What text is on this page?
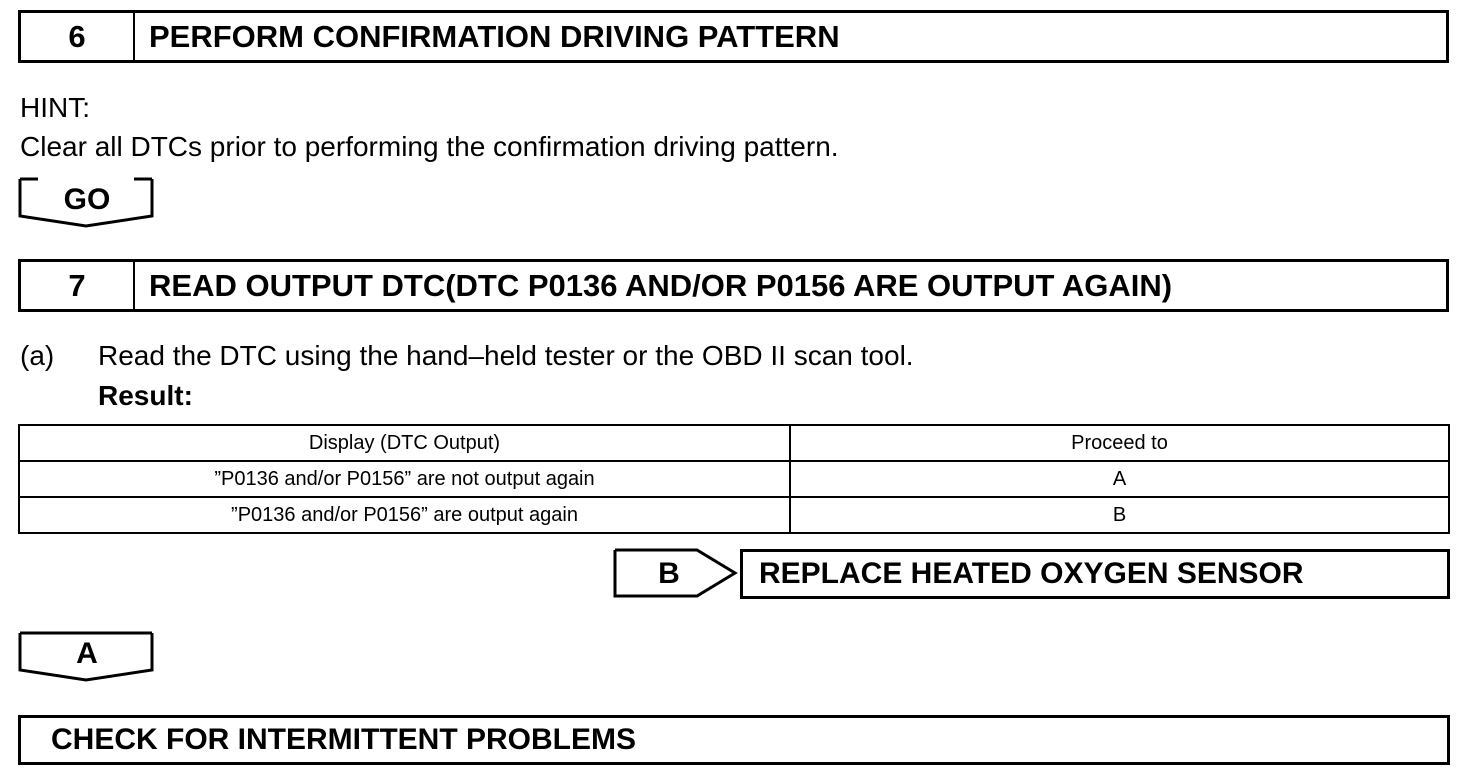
6	PERFORM CONFIRMATION DRIVING PATTERN
HINT:
Clear all DTCs prior to performing the confirmation driving pattern.
GO
7	READ OUTPUT DTC(DTC P0136 AND/OR P0156 ARE OUTPUT AGAIN)
(a) Read the DTC using the hand–held tester or the OBD II scan tool.
Result:
Display (DTC Output)	Proceed to
”P0136 and/or P0156” are not output again	A
”P0136 and/or P0156” are output again	B
B	REPLACE HEATED OXYGEN SENSOR
A
CHECK FOR INTERMITTENT PROBLEMS
